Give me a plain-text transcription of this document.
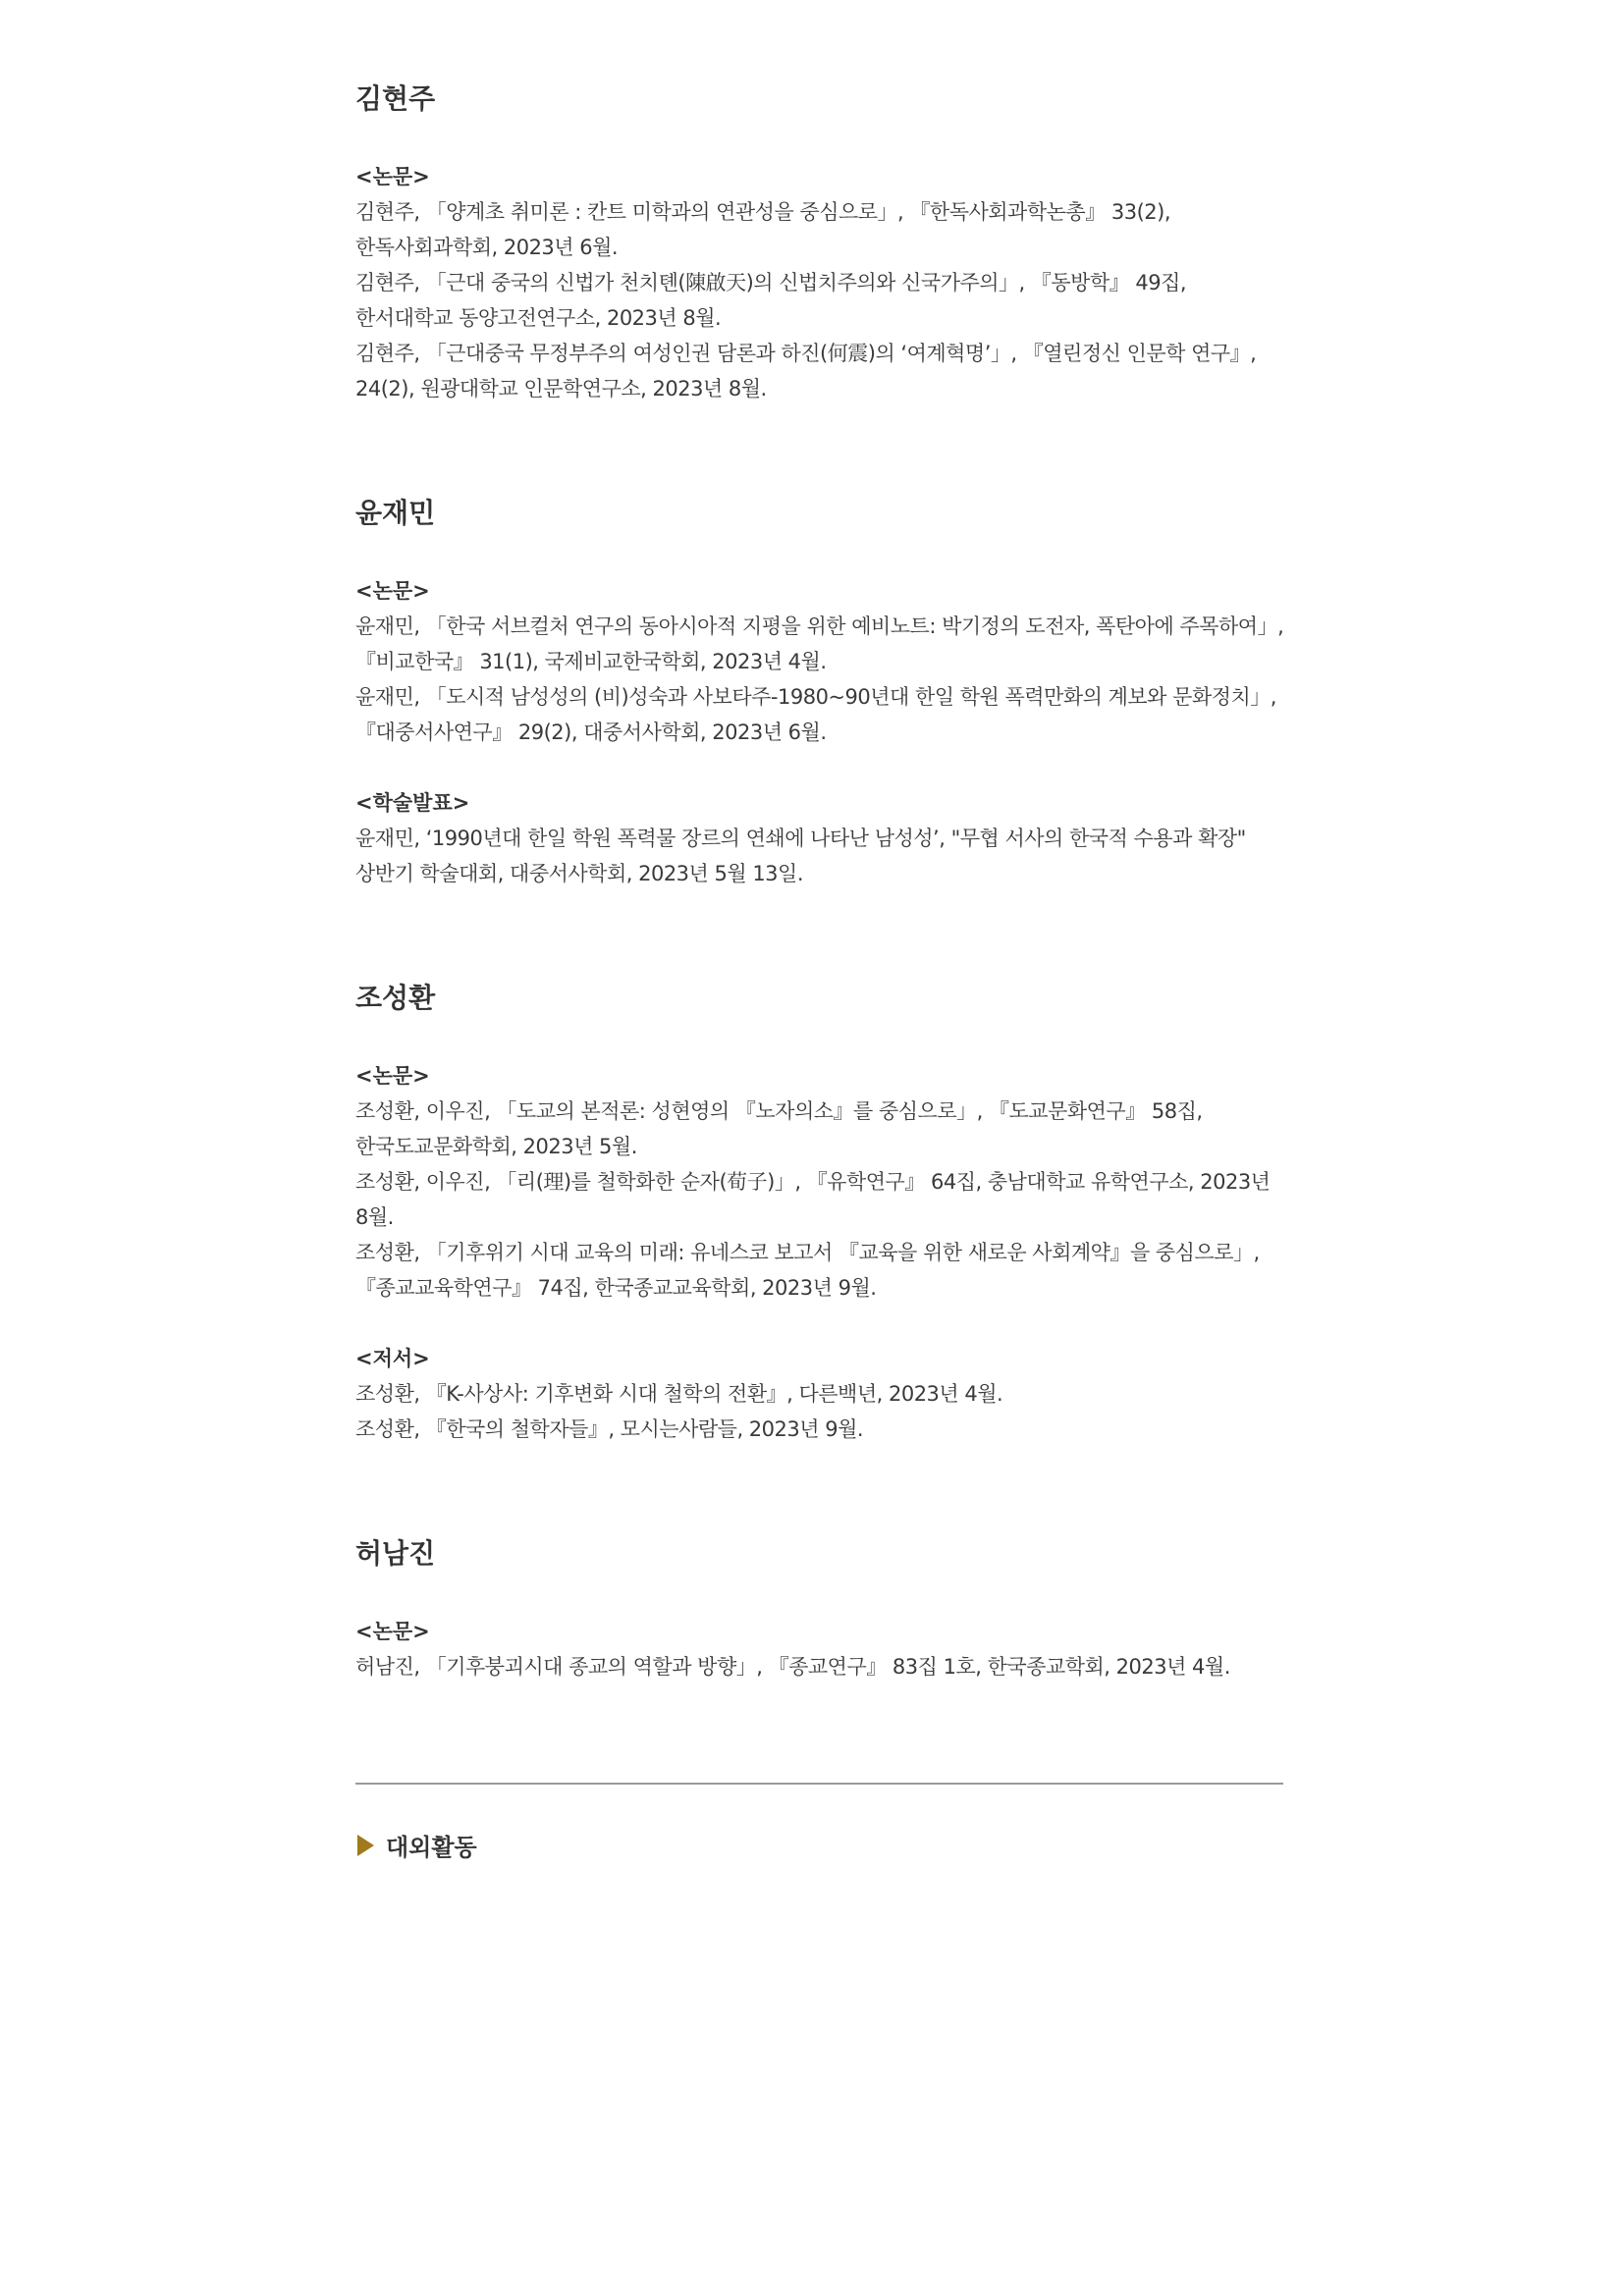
김현주
<논문>
김현주, 「양계초 취미론 : 칸트 미학과의 연관성을 중심으로」, 『한독사회과학논총』 33(2), 한독사회과학회, 2023년 6월.
김현주, 「근대 중국의 신법가 천치톈(陳啟天)의 신법치주의와 신국가주의」, 『동방학』 49집, 한서대학교 동양고전연구소, 2023년 8월.
김현주, 「근대중국 무정부주의 여성인권 담론과 하진(何震)의 ‘여계혁명’」, 『열린정신 인문학 연구』, 24(2), 원광대학교 인문학연구소, 2023년 8월.
윤재민
<논문>
윤재민, 「한국 서브컬처 연구의 동아시아적 지평을 위한 예비노트: 박기정의 도전자, 폭탄아에 주목하여」, 『비교한국』 31(1), 국제비교한국학회, 2023년 4월.
윤재민, 「도시적 남성성의 (비)성숙과 사보타주-1980~90년대 한일 학원 폭력만화의 계보와 문화정치」, 『대중서사연구』 29(2), 대중서사학회, 2023년 6월.
<학술발표>
윤재민, ‘1990년대 한일 학원 폭력물 장르의 연쇄에 나타난 남성성’, "무협 서사의 한국적 수용과 확장" 상반기 학술대회, 대중서사학회, 2023년 5월 13일.
조성환
<논문>
조성환, 이우진, 「도교의 본적론: 성현영의 『노자의소』를 중심으로」, 『도교문화연구』 58집, 한국도교문화학회, 2023년 5월.
조성환, 이우진, 「리(理)를 철학화한 순자(荀子)」, 『유학연구』 64집, 충남대학교 유학연구소, 2023년 8월.
조성환, 「기후위기 시대 교육의 미래: 유네스코 보고서 『교육을 위한 새로운 사회계약』을 중심으로」, 『종교교육학연구』 74집, 한국종교교육학회, 2023년 9월.
<저서>
조성환, 『K-사상사: 기후변화 시대 철학의 전환』, 다른백년, 2023년 4월.
조성환, 『한국의 철학자들』, 모시는사람들, 2023년 9월.
허남진
<논문>
허남진, 「기후붕괴시대 종교의 역할과 방향」, 『종교연구』 83집 1호, 한국종교학회, 2023년 4월.
대외활동
